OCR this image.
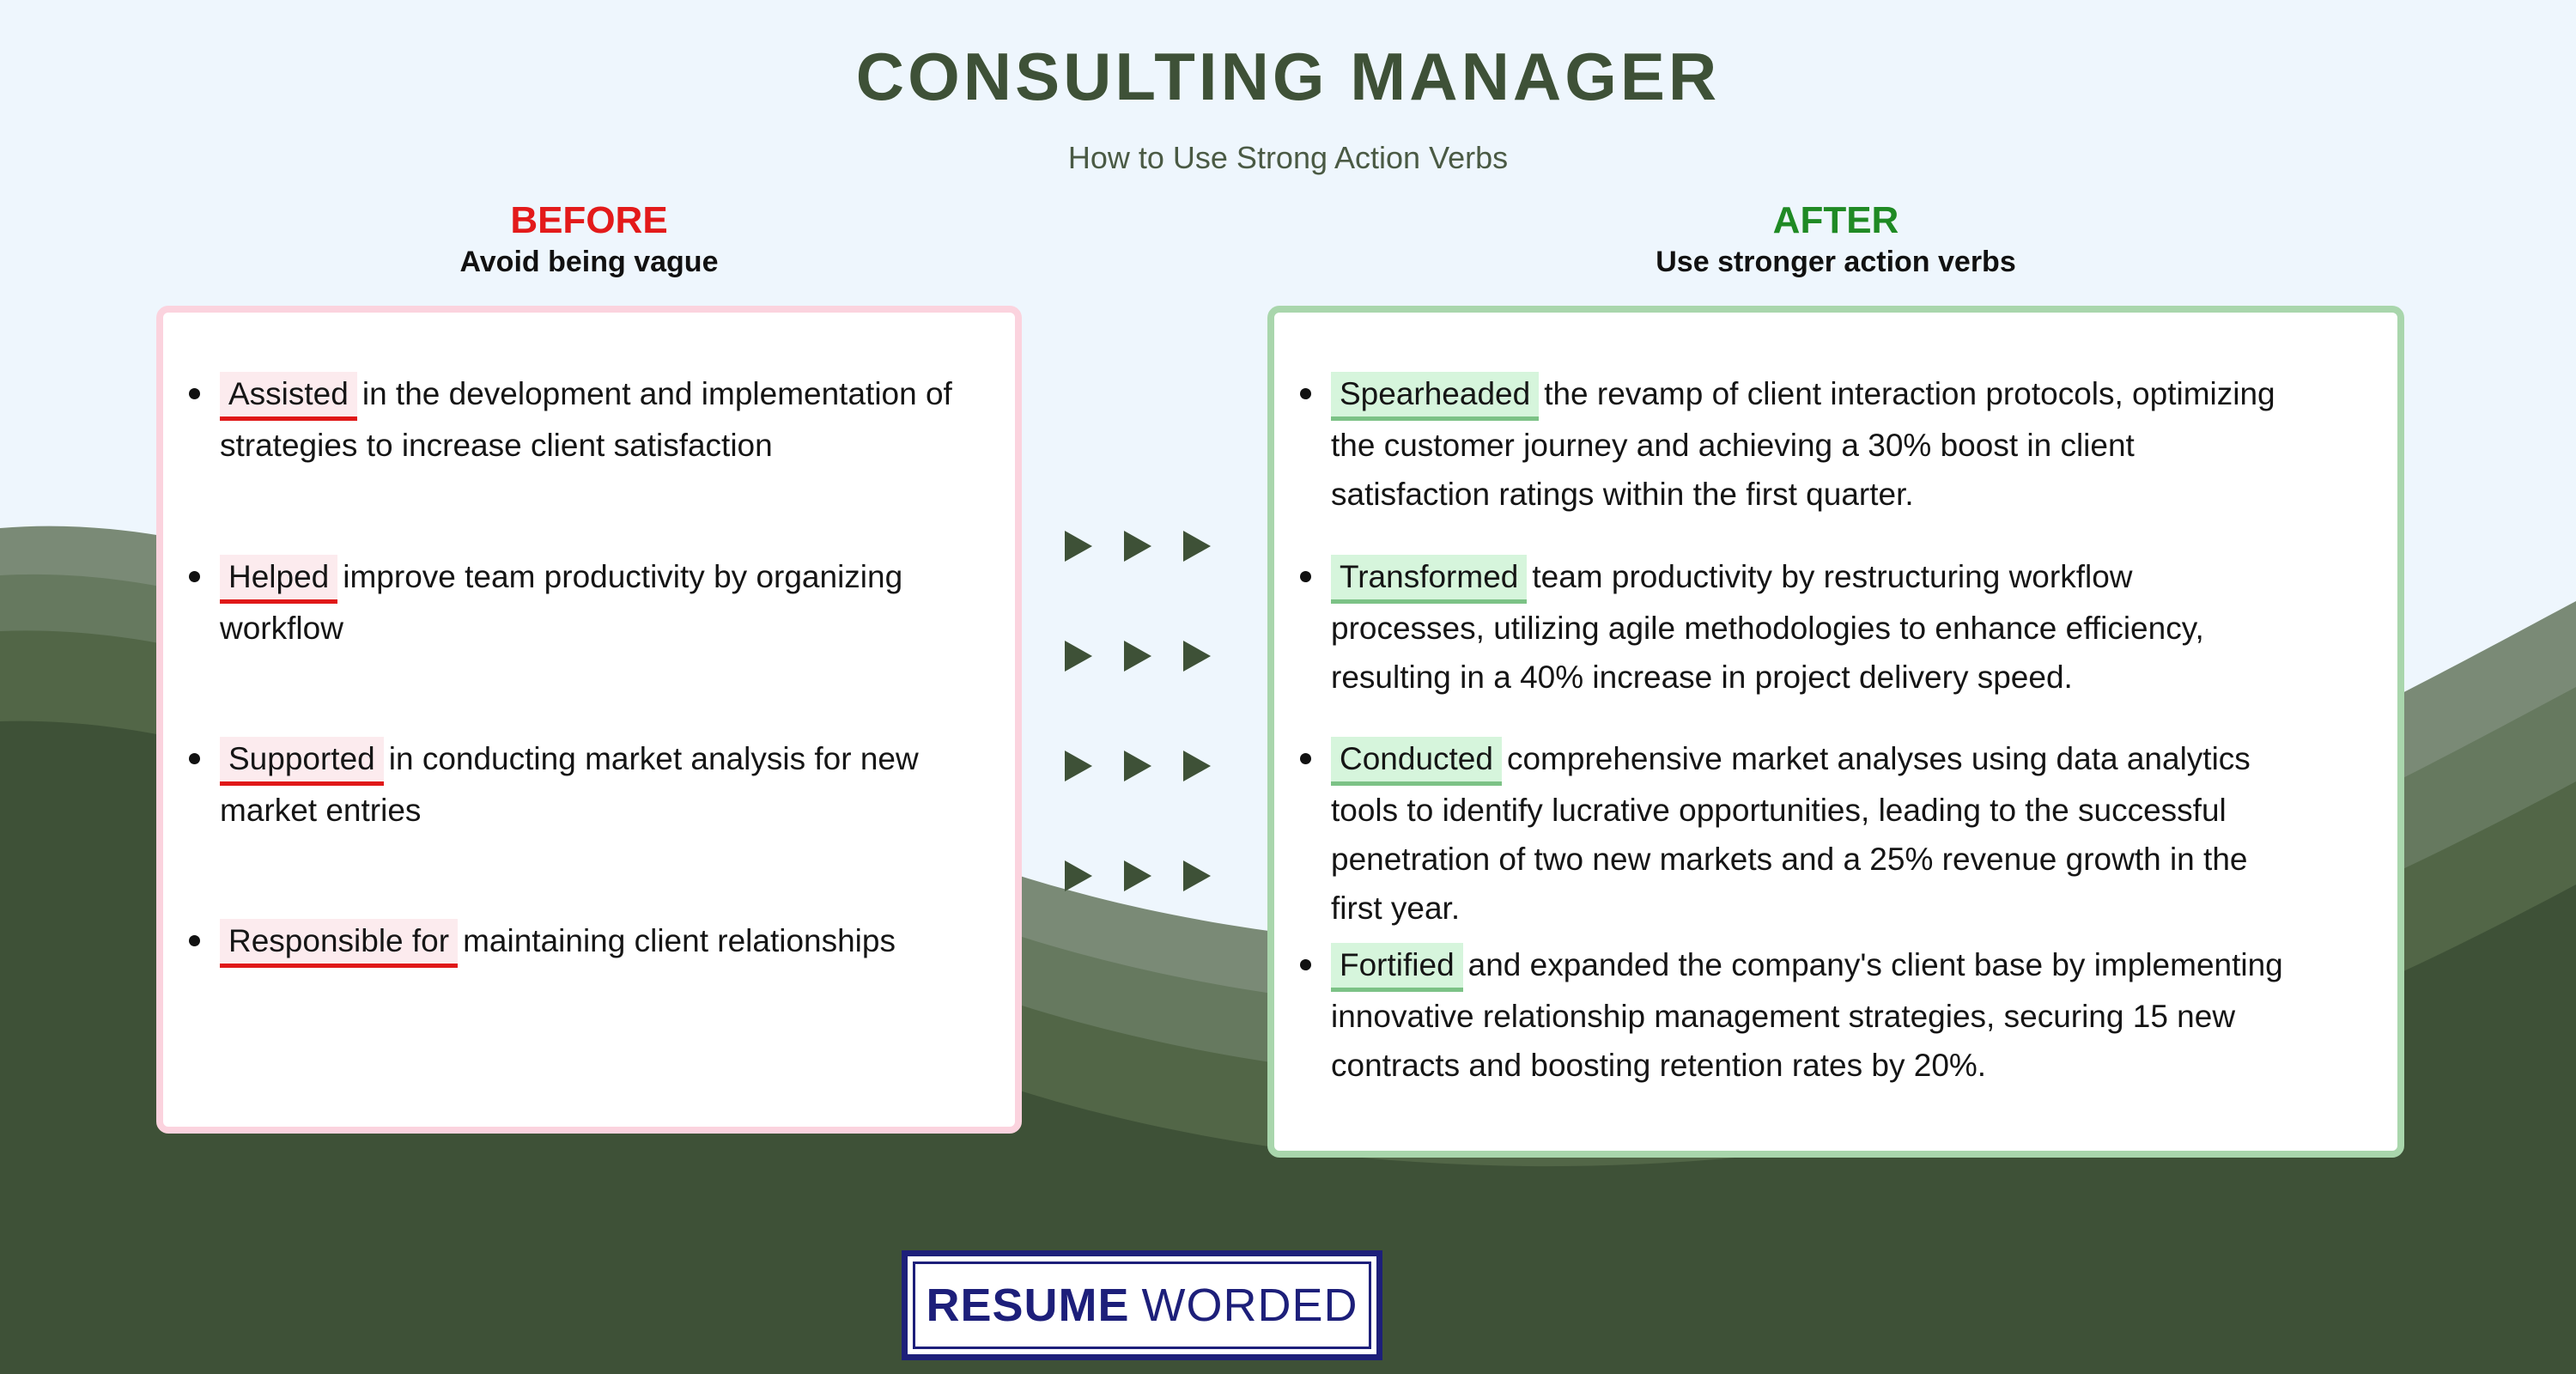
CONSULTING MANAGER
How to Use Strong Action Verbs
BEFORE
Avoid being vague
AFTER
Use stronger action verbs
Assisted in the development and implementation of
strategies to increase client satisfaction
Helped improve team productivity by organizing
workflow
Supported in conducting market analysis for new
market entries
Responsible for maintaining client relationships
Spearheaded the revamp of client interaction protocols, optimizing
the customer journey and achieving a 30% boost in client
satisfaction ratings within the first quarter.
Transformed team productivity by restructuring workflow
processes, utilizing agile methodologies to enhance efficiency,
resulting in a 40% increase in project delivery speed.
Conducted comprehensive market analyses using data analytics
tools to identify lucrative opportunities, leading to the successful
penetration of two new markets and a 25% revenue growth in the
first year.
Fortified and expanded the company's client base by implementing
innovative relationship management strategies, securing 15 new
contracts and boosting retention rates by 20%.
RESUME WORDED
